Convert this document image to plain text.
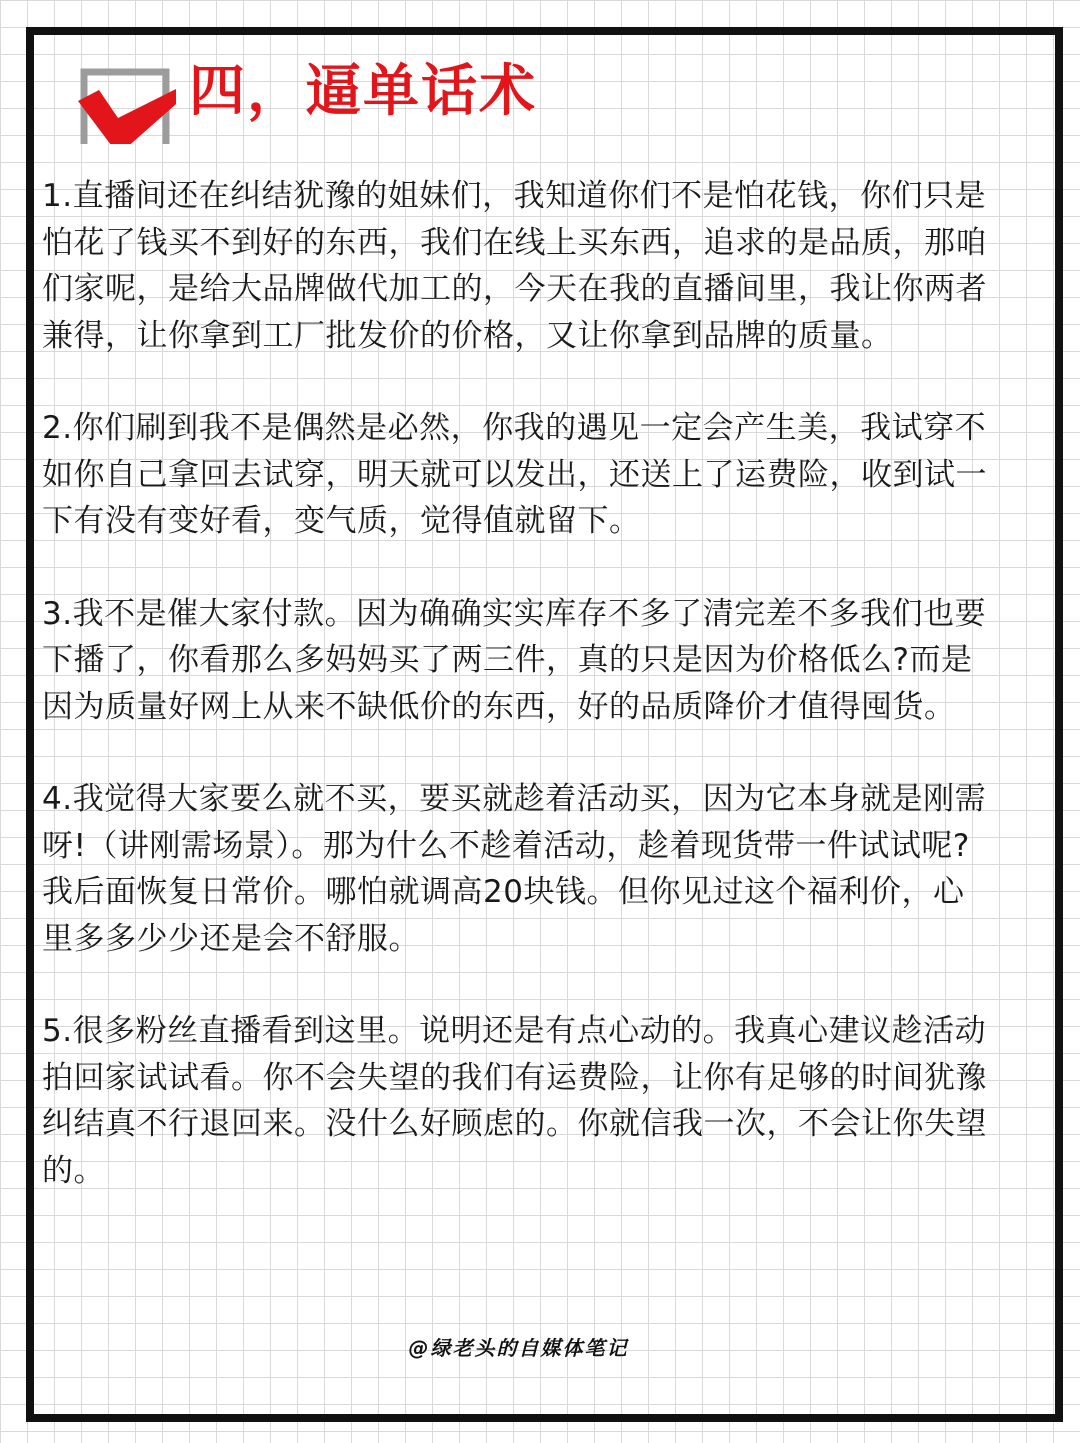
四，逼单话术

1.直播间还在纠结犹豫的姐妹们，我知道你们不是怕花钱，你们只是怕花了钱买不到好的东西，我们在线上买东西，追求的是品质，那咱们家呢，是给大品牌做代加工的，今天在我的直播间里，我让你两者兼得，让你拿到工厂批发价的价格，又让你拿到品牌的质量。

2.你们刷到我不是偶然是必然，你我的遇见一定会产生美，我试穿不如你自己拿回去试穿，明天就可以发出，还送上了运费险，收到试一下有没有变好看，变气质，觉得值就留下。

3.我不是催大家付款。因为确确实实库存不多了清完差不多我们也要下播了，你看那么多妈妈买了两三件，真的只是因为价格低么?而是因为质量好网上从来不缺低价的东西，好的品质降价才值得囤货。

4.我觉得大家要么就不买，要买就趁着活动买，因为它本身就是刚需呀!（讲刚需场景）。那为什么不趁着活动，趁着现货带一件试试呢?我后面恢复日常价。哪怕就调高20块钱。但你见过这个福利价，心里多多少少还是会不舒服。

5.很多粉丝直播看到这里。说明还是有点心动的。我真心建议趁活动拍回家试试看。你不会失望的我们有运费险，让你有足够的时间犹豫纠结真不行退回来。没什么好顾虑的。你就信我一次，不会让你失望的。

@绿老头的自媒体笔记
